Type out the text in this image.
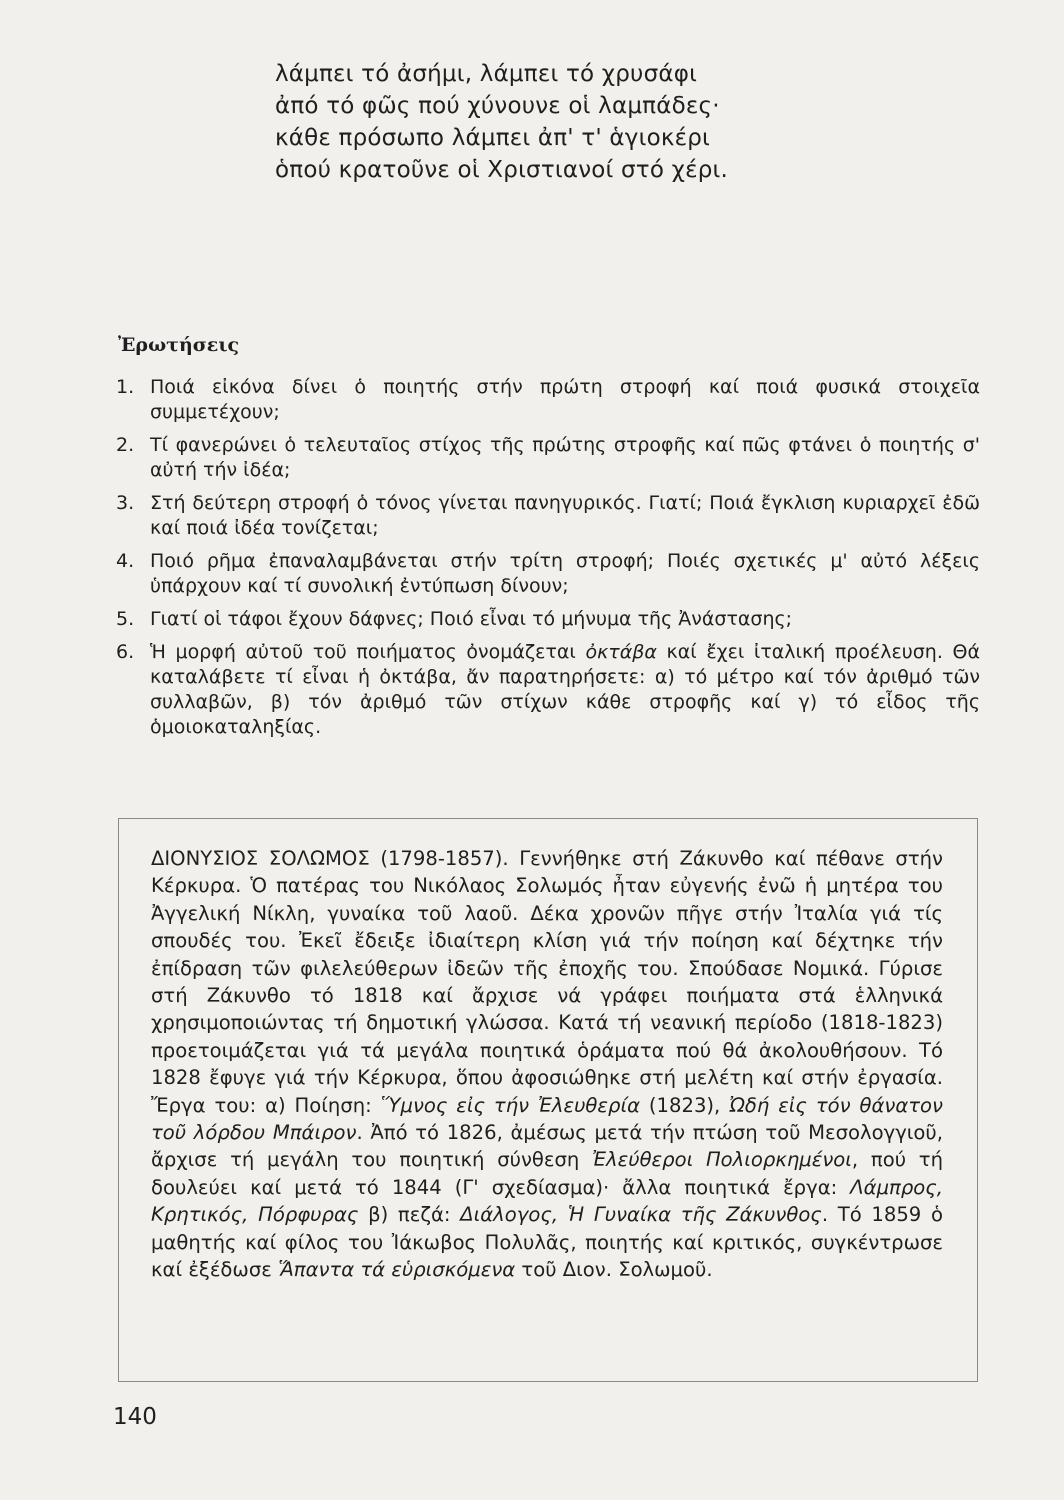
λάμπει τό ἀσήμι, λάμπει τό χρυσάφι
ἀπό τό φῶς πού χύνουνε οἱ λαμπάδες·
κάθε πρόσωπο λάμπει ἀπ' τ' ἁγιοκέρι
ὁπού κρατοῦνε οἱ Χριστιανοί στό χέρι.
Ἐρωτήσεις
1. Ποιά εἰκόνα δίνει ὁ ποιητής στήν πρώτη στροφή καί ποιά φυσικά στοιχεῖα συμμετέχουν;
2. Τί φανερώνει ὁ τελευταῖος στίχος τῆς πρώτης στροφῆς καί πῶς φτάνει ὁ ποιητής σ' αὐτή τήν ἰδέα;
3. Στή δεύτερη στροφή ὁ τόνος γίνεται πανηγυρικός. Γιατί; Ποιά ἔγκλιση κυριαρχεῖ ἐδῶ καί ποιά ἰδέα τονίζεται;
4. Ποιό ρῆμα ἐπαναλαμβάνεται στήν τρίτη στροφή; Ποιές σχετικές μ' αὐτό λέξεις ὑπάρχουν καί τί συνολική ἐντύπωση δίνουν;
5. Γιατί οἱ τάφοι ἔχουν δάφνες; Ποιό εἶναι τό μήνυμα τῆς Ἀνάστασης;
6. Ἡ μορφή αὐτοῦ τοῦ ποιήματος ὀνομάζεται ὀκτάβα καί ἔχει ἰταλική προέλευση. Θά καταλάβετε τί εἶναι ἡ ὀκτάβα, ἄν παρατηρήσετε: α) τό μέτρο καί τόν ἀριθμό τῶν συλλαβῶν, β) τόν ἀριθμό τῶν στίχων κάθε στροφῆς καί γ) τό εἶδος τῆς ὁμοιοκαταληξίας.
ΔΙΟΝΥΣΙΟΣ ΣΟΛΩΜΟΣ (1798-1857). Γεννήθηκε στή Ζάκυνθο καί πέθανε στήν Κέρκυρα. Ὁ πατέρας του Νικόλαος Σολωμός ἦταν εὐγενής ἐνῶ ἡ μητέρα του Ἀγγελική Νίκλη, γυναίκα τοῦ λαοῦ. Δέκα χρονῶν πῆγε στήν Ἰταλία γιά τίς σπουδές του. Ἐκεῖ ἔδειξε ἰδιαίτερη κλίση γιά τήν ποίηση καί δέχτηκε τήν ἐπίδραση τῶν φιλελεύθερων ἰδεῶν τῆς ἐποχῆς του. Σπούδασε Νομικά. Γύρισε στή Ζάκυνθο τό 1818 καί ἄρχισε νά γράφει ποιήματα στά ἑλληνικά χρησιμοποιώντας τή δημοτική γλώσσα. Κατά τή νεανική περίοδο (1818-1823) προετοιμάζεται γιά τά μεγάλα ποιητικά ὁράματα πού θά ἀκολουθήσουν. Τό 1828 ἔφυγε γιά τήν Κέρκυρα, ὅπου ἀφοσιώθηκε στή μελέτη καί στήν ἐργασία. Ἔργα του: α) Ποίηση: Ὕμνος εἰς τήν Ἐλευθερία (1823), Ὠδή εἰς τόν θάνατον τοῦ λόρδου Μπάιρον. Ἀπό τό 1826, ἀμέσως μετά τήν πτώση τοῦ Μεσολογγιοῦ, ἄρχισε τή μεγάλη του ποιητική σύνθεση Ἐλεύθεροι Πολιορκημένοι, πού τή δουλεύει καί μετά τό 1844 (Γ' σχεδίασμα)· ἄλλα ποιητικά ἔργα: Λάμπρος, Κρητικός, Πόρφυρας β) πεζά: Διάλογος, Ἡ Γυναίκα τῆς Ζάκυνθος. Τό 1859 ὁ μαθητής καί φίλος του Ἰάκωβος Πολυλᾶς, ποιητής καί κριτικός, συγκέντρωσε καί ἐξέδωσε Ἅπαντα τά εὑρισκόμενα τοῦ Διον. Σολωμοῦ.
140
